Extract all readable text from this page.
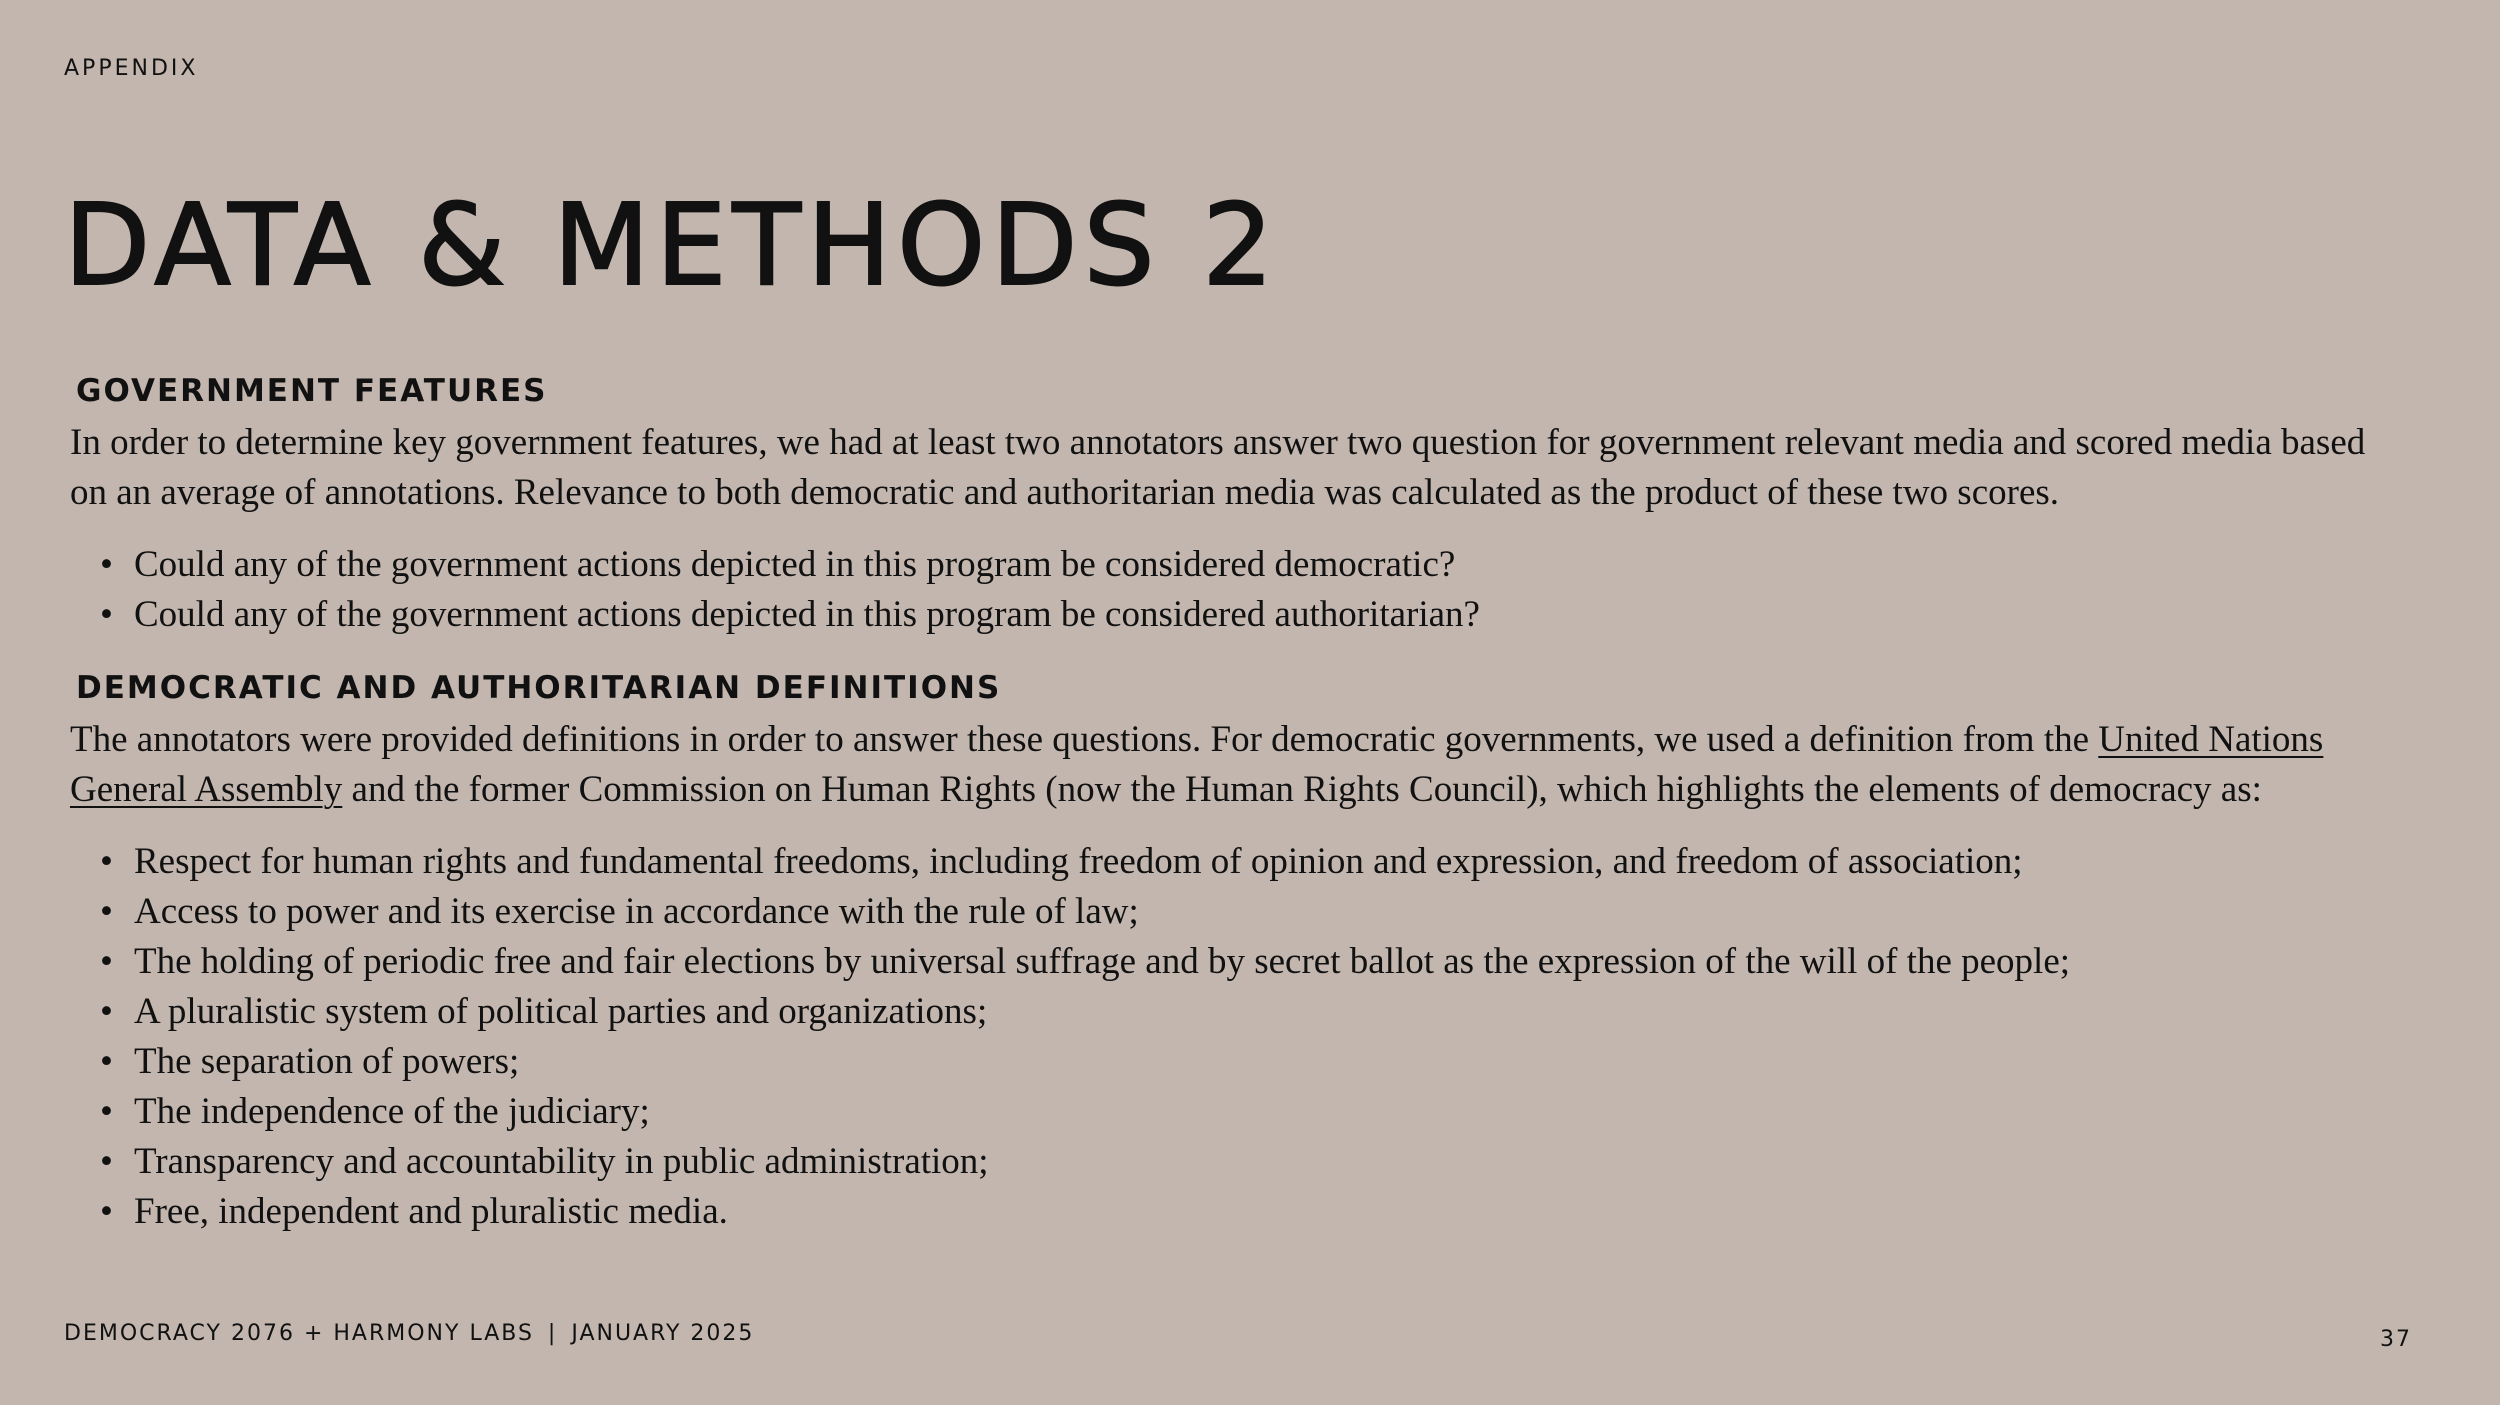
APPENDIX
DATA & METHODS 2
GOVERNMENT FEATURES

In order to determine key government features, we had at least two annotators answer two question for government relevant media and scored media based on an average of annotations. Relevance to both democratic and authoritarian media was calculated as the product of these two scores.

• Could any of the government actions depicted in this program be considered democratic?
• Could any of the government actions depicted in this program be considered authoritarian?
DEMOCRATIC AND AUTHORITARIAN DEFINITIONS

The annotators were provided definitions in order to answer these questions. For democratic governments, we used a definition from the United Nations General Assembly and the former Commission on Human Rights (now the Human Rights Council), which highlights the elements of democracy as:

• Respect for human rights and fundamental freedoms, including freedom of opinion and expression, and freedom of association;
• Access to power and its exercise in accordance with the rule of law;
• The holding of periodic free and fair elections by universal suffrage and by secret ballot as the expression of the will of the people;
• A pluralistic system of political parties and organizations;
• The separation of powers;
• The independence of the judiciary;
• Transparency and accountability in public administration;
• Free, independent and pluralistic media.
DEMOCRACY 2076 + HARMONY LABS | JANUARY 2025	37
